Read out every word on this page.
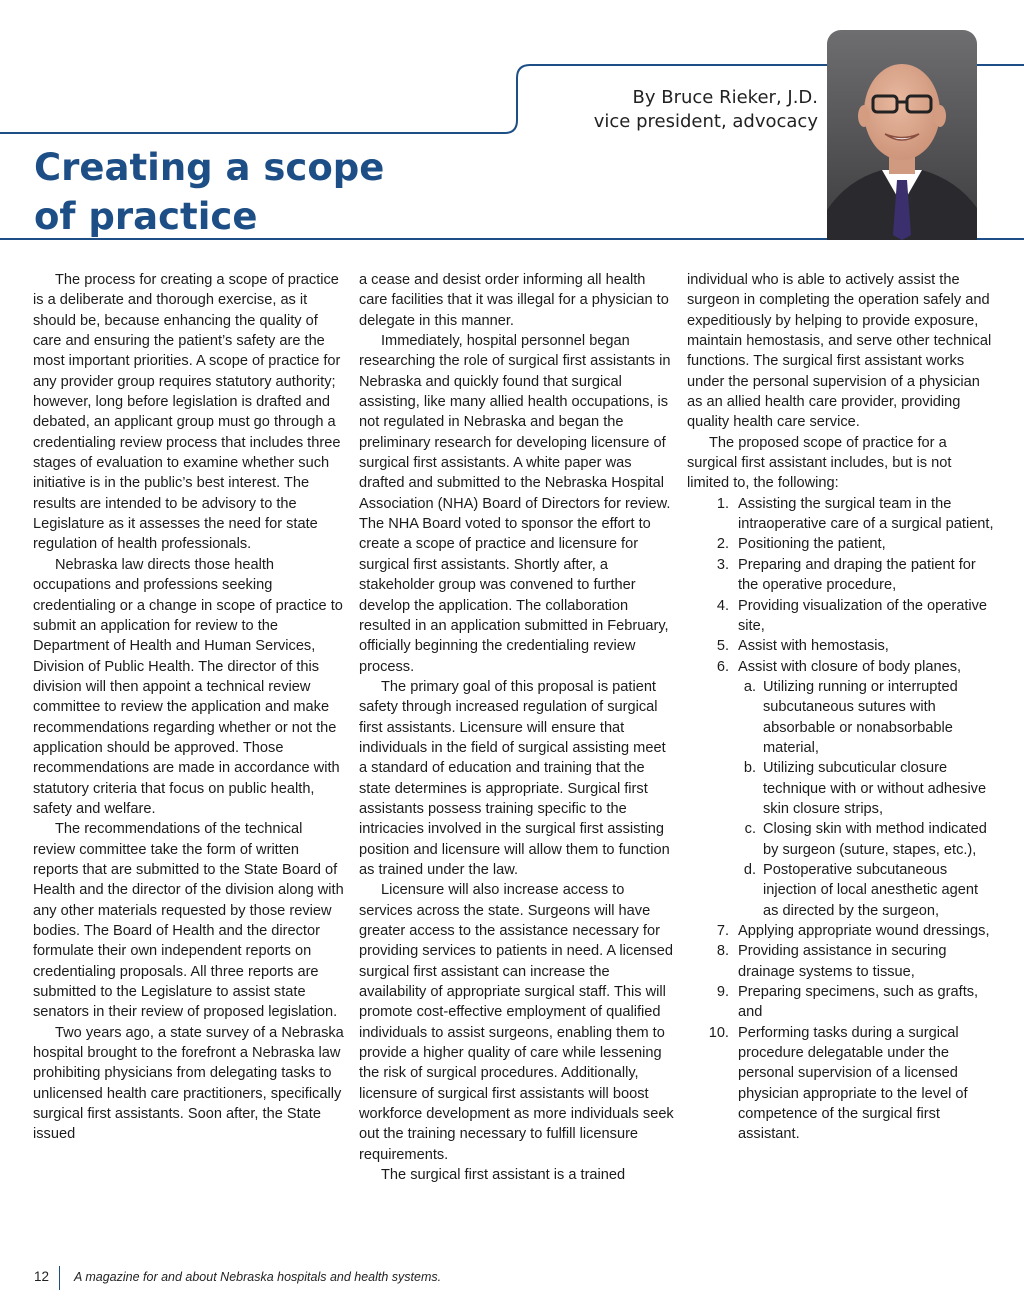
By Bruce Rieker, J.D.
vice president, advocacy
Creating a scope
of practice

The process for creating a scope of practice is a deliberate and thorough exercise, as it should be, because enhancing the quality of care and ensuring the patient’s safety are the most important priorities. A scope of practice for any provider group requires statutory authority; however, long before legislation is drafted and debated, an applicant group must go through a credentialing review process that includes three stages of evaluation to examine whether such initiative is in the public’s best interest. The results are intended to be advisory to the Legislature as it assesses the need for state regulation of health professionals.

Nebraska law directs those health occupations and professions seeking credentialing or a change in scope of practice to submit an application for review to the Department of Health and Human Services, Division of Public Health. The director of this division will then appoint a technical review committee to review the application and make recommendations regarding whether or not the application should be approved. Those recommendations are made in accordance with statutory criteria that focus on public health, safety and welfare.

The recommendations of the technical review committee take the form of written reports that are submitted to the State Board of Health and the director of the division along with any other materials requested by those review bodies. The Board of Health and the director formulate their own independent reports on credentialing proposals. All three reports are submitted to the Legislature to assist state senators in their review of proposed legislation.

Two years ago, a state survey of a Nebraska hospital brought to the forefront a Nebraska law prohibiting physicians from delegating tasks to unlicensed health care practitioners, specifically surgical first assistants. Soon after, the State issued

a cease and desist order informing all health care facilities that it was illegal for a physician to delegate in this manner.

Immediately, hospital personnel began researching the role of surgical first assistants in Nebraska and quickly found that surgical assisting, like many allied health occupations, is not regulated in Nebraska and began the preliminary research for developing licensure of surgical first assistants. A white paper was drafted and submitted to the Nebraska Hospital Association (NHA) Board of Directors for review. The NHA Board voted to sponsor the effort to create a scope of practice and licensure for surgical first assistants. Shortly after, a stakeholder group was convened to further develop the application. The collaboration resulted in an application submitted in February, officially beginning the credentialing review process.

The primary goal of this proposal is patient safety through increased regulation of surgical first assistants. Licensure will ensure that individuals in the field of surgical assisting meet a standard of education and training that the state determines is appropriate. Surgical first assistants possess training specific to the intricacies involved in the surgical first assisting position and licensure will allow them to function as trained under the law.

Licensure will also increase access to services across the state. Surgeons will have greater access to the assistance necessary for providing services to patients in need. A licensed surgical first assistant can increase the availability of appropriate surgical staff. This will promote cost-effective employment of qualified individuals to assist surgeons, enabling them to provide a higher quality of care while lessening the risk of surgical procedures. Additionally, licensure of surgical first assistants will boost workforce development as more individuals seek out the training necessary to fulfill licensure requirements.

The surgical first assistant is a trained

individual who is able to actively assist the surgeon in completing the operation safely and expeditiously by helping to provide exposure, maintain hemostasis, and serve other technical functions. The surgical first assistant works under the personal supervision of a physician as an allied health care provider, providing quality health care service.

The proposed scope of practice for a surgical first assistant includes, but is not limited to, the following:

1. Assisting the surgical team in the intraoperative care of a surgical patient,
2. Positioning the patient,
3. Preparing and draping the patient for the operative procedure,
4. Providing visualization of the operative site,
5. Assist with hemostasis,
6. Assist with closure of body planes,
a. Utilizing running or interrupted subcutaneous sutures with absorbable or nonabsorbable material,
b. Utilizing subcuticular closure technique with or without adhesive skin closure strips,
c. Closing skin with method indicated by surgeon (suture, stapes, etc.),
d. Postoperative subcutaneous injection of local anesthetic agent as directed by the surgeon,
7. Applying appropriate wound dressings,
8. Providing assistance in securing drainage systems to tissue,
9. Preparing specimens, such as grafts, and
10. Performing tasks during a surgical procedure delegatable under the personal supervision of a licensed physician appropriate to the level of competence of the surgical first assistant.
12 A magazine for and about Nebraska hospitals and health systems.
